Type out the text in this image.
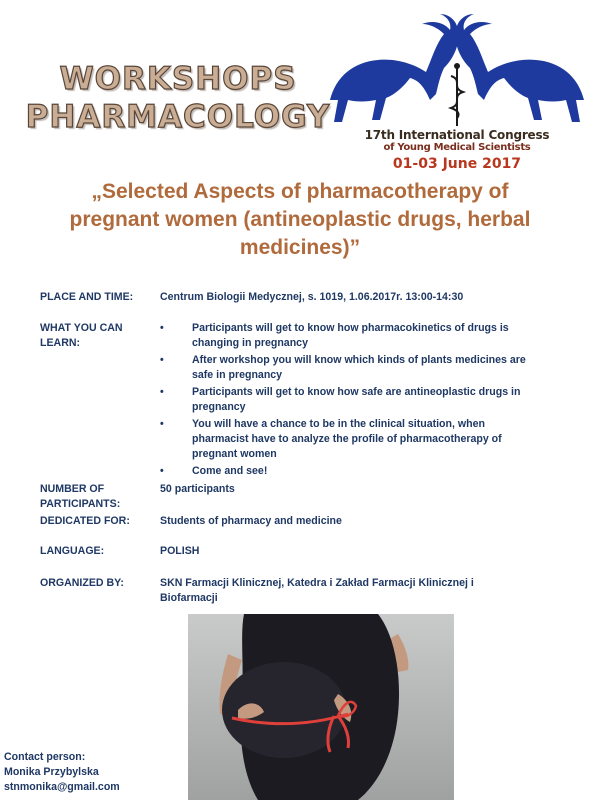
WORKSHOPS
PHARMACOLOGY	17th International Congress
of Young Medical Scientists
01-03 June 2017
„Selected Aspects of pharmacotherapy of
pregnant women (antineoplastic drugs, herbal
medicines)”
PLACE AND TIME:	Centrum Biologii Medycznej, s. 1019, 1.06.2017r. 13:00-14:30
WHAT YOU CAN
LEARN:
•	Participants will get to know how pharmacokinetics of drugs is
changing in pregnancy
•	After workshop you will know which kinds of plants medicines are
safe in pregnancy
•	Participants will get to know how safe are antineoplastic drugs in
pregnancy
•	You will have a chance to be in the clinical situation, when
pharmacist have to analyze the profile of pharmacotherapy of
pregnant women
•	Come and see!
NUMBER OF
PARTICIPANTS:
50 participants
DEDICATED FOR:	Students of pharmacy and medicine
LANGUAGE:	POLISH
ORGANIZED BY:	SKN Farmacji Klinicznej, Katedra i Zakład Farmacji Klinicznej i
Biofarmacji
Contact person:
Monika Przybylska
stnmonika@gmail.com
